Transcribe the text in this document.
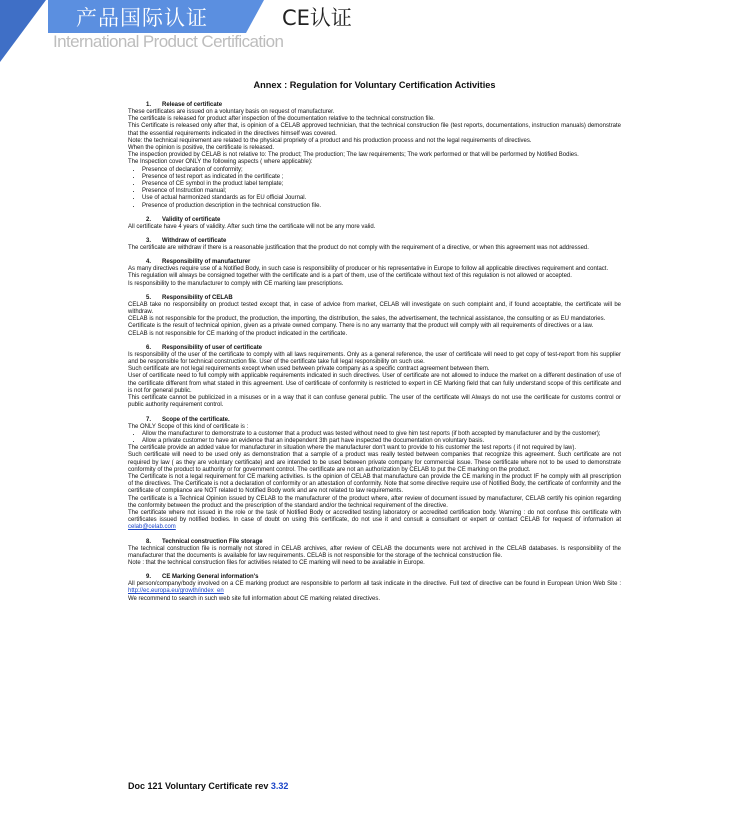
产品国际认证	CE认证
International Product Certification
Annex : Regulation for Voluntary Certification Activities
1. Release of certificate

These certificates are issued on a voluntary basis on request of manufacturer.

The certificate is released for product after inspection of the documentation relative to the technical construction file.

This Certificate is released only after that, is opinion of a CELAB approved technician, that the technical construction file (test reports, documentations, instruction manuals) demonstrate that the essential requirements indicated in the directives himself was covered.

Note: the technical requirement are related to the physical propriety of a product and his production process and not the legal requirements of directives.

When the opinion is positive, the certificate is released.

The inspection provided by CELAB is not relative to: The product; The production; The law requirements; The work performed or that will be performed by Notified Bodies.

The Inspection cover ONLY the following aspects ( where applicable):

• Presence of declaration of conformity;
• Presence of test report as indicated in the certificate ;
• Presence of CE symbol in the product label template;
• Presence of Instruction manual;
• Use of actual harmonized standards as for EU official Journal.
• Presence of production description in the technical construction file.
2. Validity of certificate

All certificate have 4 years of validity. After such time the certificate will not be any more valid.

3. Withdraw of certificate

The certificate are withdraw if there is a reasonable justification that the product do not comply with the requirement of a directive, or when this agreement was not addressed.

4. Responsibility of manufacturer

As many directives require use of a Notified Body, in such case is responsibility of producer or his representative in Europe to follow all applicable directives requirement and contact.

This regulation will always be consigned together with the certificate and is a part of them, use of the certificate without text of this regulation is not allowed or accepted.

Is responsibility to the manufacturer to comply with CE marking law prescriptions.

5. Responsibility of CELAB

CELAB take no responsibility on product tested except that, in case of advice from market, CELAB will investigate on such complaint and, if found acceptable, the certificate will be withdraw.

CELAB is not responsible for the product, the production, the importing, the distribution, the sales, the advertisement, the technical assistance, the consulting or as EU mandatories.

Certificate is the result of technical opinion, given as a private owned company. There is no any warranty that the product will comply with all requirements of directives or a law.

CELAB is not responsible for CE marking of the product indicated in the certificate.

6. Responsibility of user of certificate

Is responsibility of the user of the certificate to comply with all laws requirements. Only as a general reference, the user of certificate will need to get copy of test-report from his supplier and be responsible for technical construction file. User of the certificate take full legal responsibility on such use.

Such certificate are not legal requirements except when used between private company as a specific contract agreement between them.

User of certificate need to full comply with applicable requirements indicated in such directives. User of certificate are not allowed to induce the market on a different destination of use of the certificate different from what stated in this agreement. Use of certificate of conformity is restricted to expert in CE Marking field that can fully understand scope of this certificate and is not for general public.

This certificate cannot be publicized in a misuses or in a way that it can confuse general public. The user of the certificate will Always do not use the certificate for customs control or public authority requirement control.

7. Scope of the certificate.

The ONLY Scope of this kind of certificate is :

• Allow the manufacturer to demonstrate to a customer that a product was tested without need to give him test reports (if both accepted by manufacturer and by the customer);
• Allow a private customer to have an evidence that an independent 3th part have inspected the documentation on voluntary basis.

The certificate provide an added value for manufacturer in situation where the manufacturer don't want to provide to his customer the test reports ( if not required by law).

Such certificate will need to be used only as demonstration that a sample of a product was really tested between companies that recognize this agreement. Such certificate are not required by law ( as they are voluntary certificate) and are intended to be used between private company for commercial issue. These certificate where not to be used to demonstrate conformity of the product to authority or for government control. The certificate are not an authorization by CELAB to put the CE marking on the product.

The Certificate is not a legal requirement for CE marking activities. Is the opinion of CELAB that manufacture can provide the CE marking in the product IF he comply with all prescription of the directives. The Certificate is not a declaration of conformity or an attestation of conformity. Note that some directive require use of Notified Body, the certificate of conformity and the certificate of compliance are NOT related to Notified Body work and are not related to law requirements.

The certificate is a Technical Opinion issued by CELAB to the manufacturer of the product where, after review of document issued by manufacturer, CELAB certify his opinion regarding the conformity between the product and the prescription of the standard and/or the technical requirement of the directive.

The certificate where not issued in the role or the task of Notified Body or accredited testing laboratory or accredited certification body. Warning : do not confuse this certificate with certificates issued by notified bodies. In case of doubt on using this certificate, do not use it and consult a consultant or expert or contact CELAB for request of information at celab@celab.com

8. Technical construction File storage

The technical construction file is normally not stored in CELAB archives, after review of CELAB the documents were not archived in the CELAB databases. Is responsibility of the manufacturer that the documents is available for law requirements. CELAB is not responsible for the storage of the technical construction file.

Note : that the technical construction files for activities related to CE marking will need to be available in Europe.

9. CE Marking General information's

All person/company/body involved on a CE marking product are responsible to perform all task indicate in the directive. Full text of directive can be found in European Union Web Site : http://ec.europa.eu/growth/index_en

We recommend to search in such web site full information about CE marking related directives.

Doc 121 Voluntary Certificate rev 3.32
